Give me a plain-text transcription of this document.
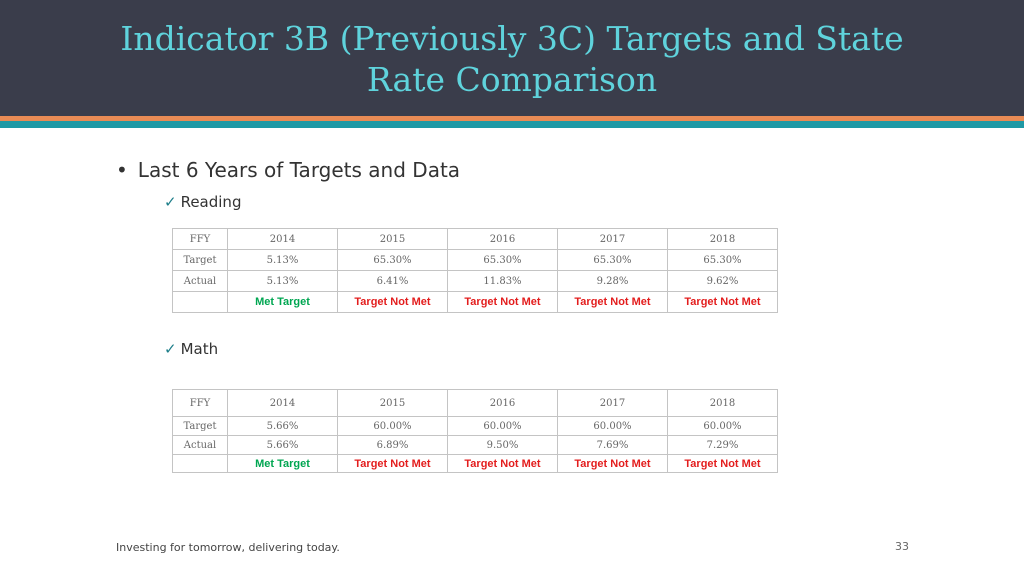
Indicator 3B (Previously 3C) Targets and State
Rate Comparison
• Last 6 Years of Targets and Data
✓ Reading
FFY	2014	2015	2016	2017	2018
Target	5.13%	65.30%	65.30%	65.30%	65.30%
Actual	5.13%	6.41%	11.83%	9.28%	9.62%
	Met Target	Target Not Met	Target Not Met	Target Not Met	Target Not Met
✓ Math
FFY	2014	2015	2016	2017	2018
Target	5.66%	60.00%	60.00%	60.00%	60.00%
Actual	5.66%	6.89%	9.50%	7.69%	7.29%
	Met Target	Target Not Met	Target Not Met	Target Not Met	Target Not Met
Investing for tomorrow, delivering today.	33
